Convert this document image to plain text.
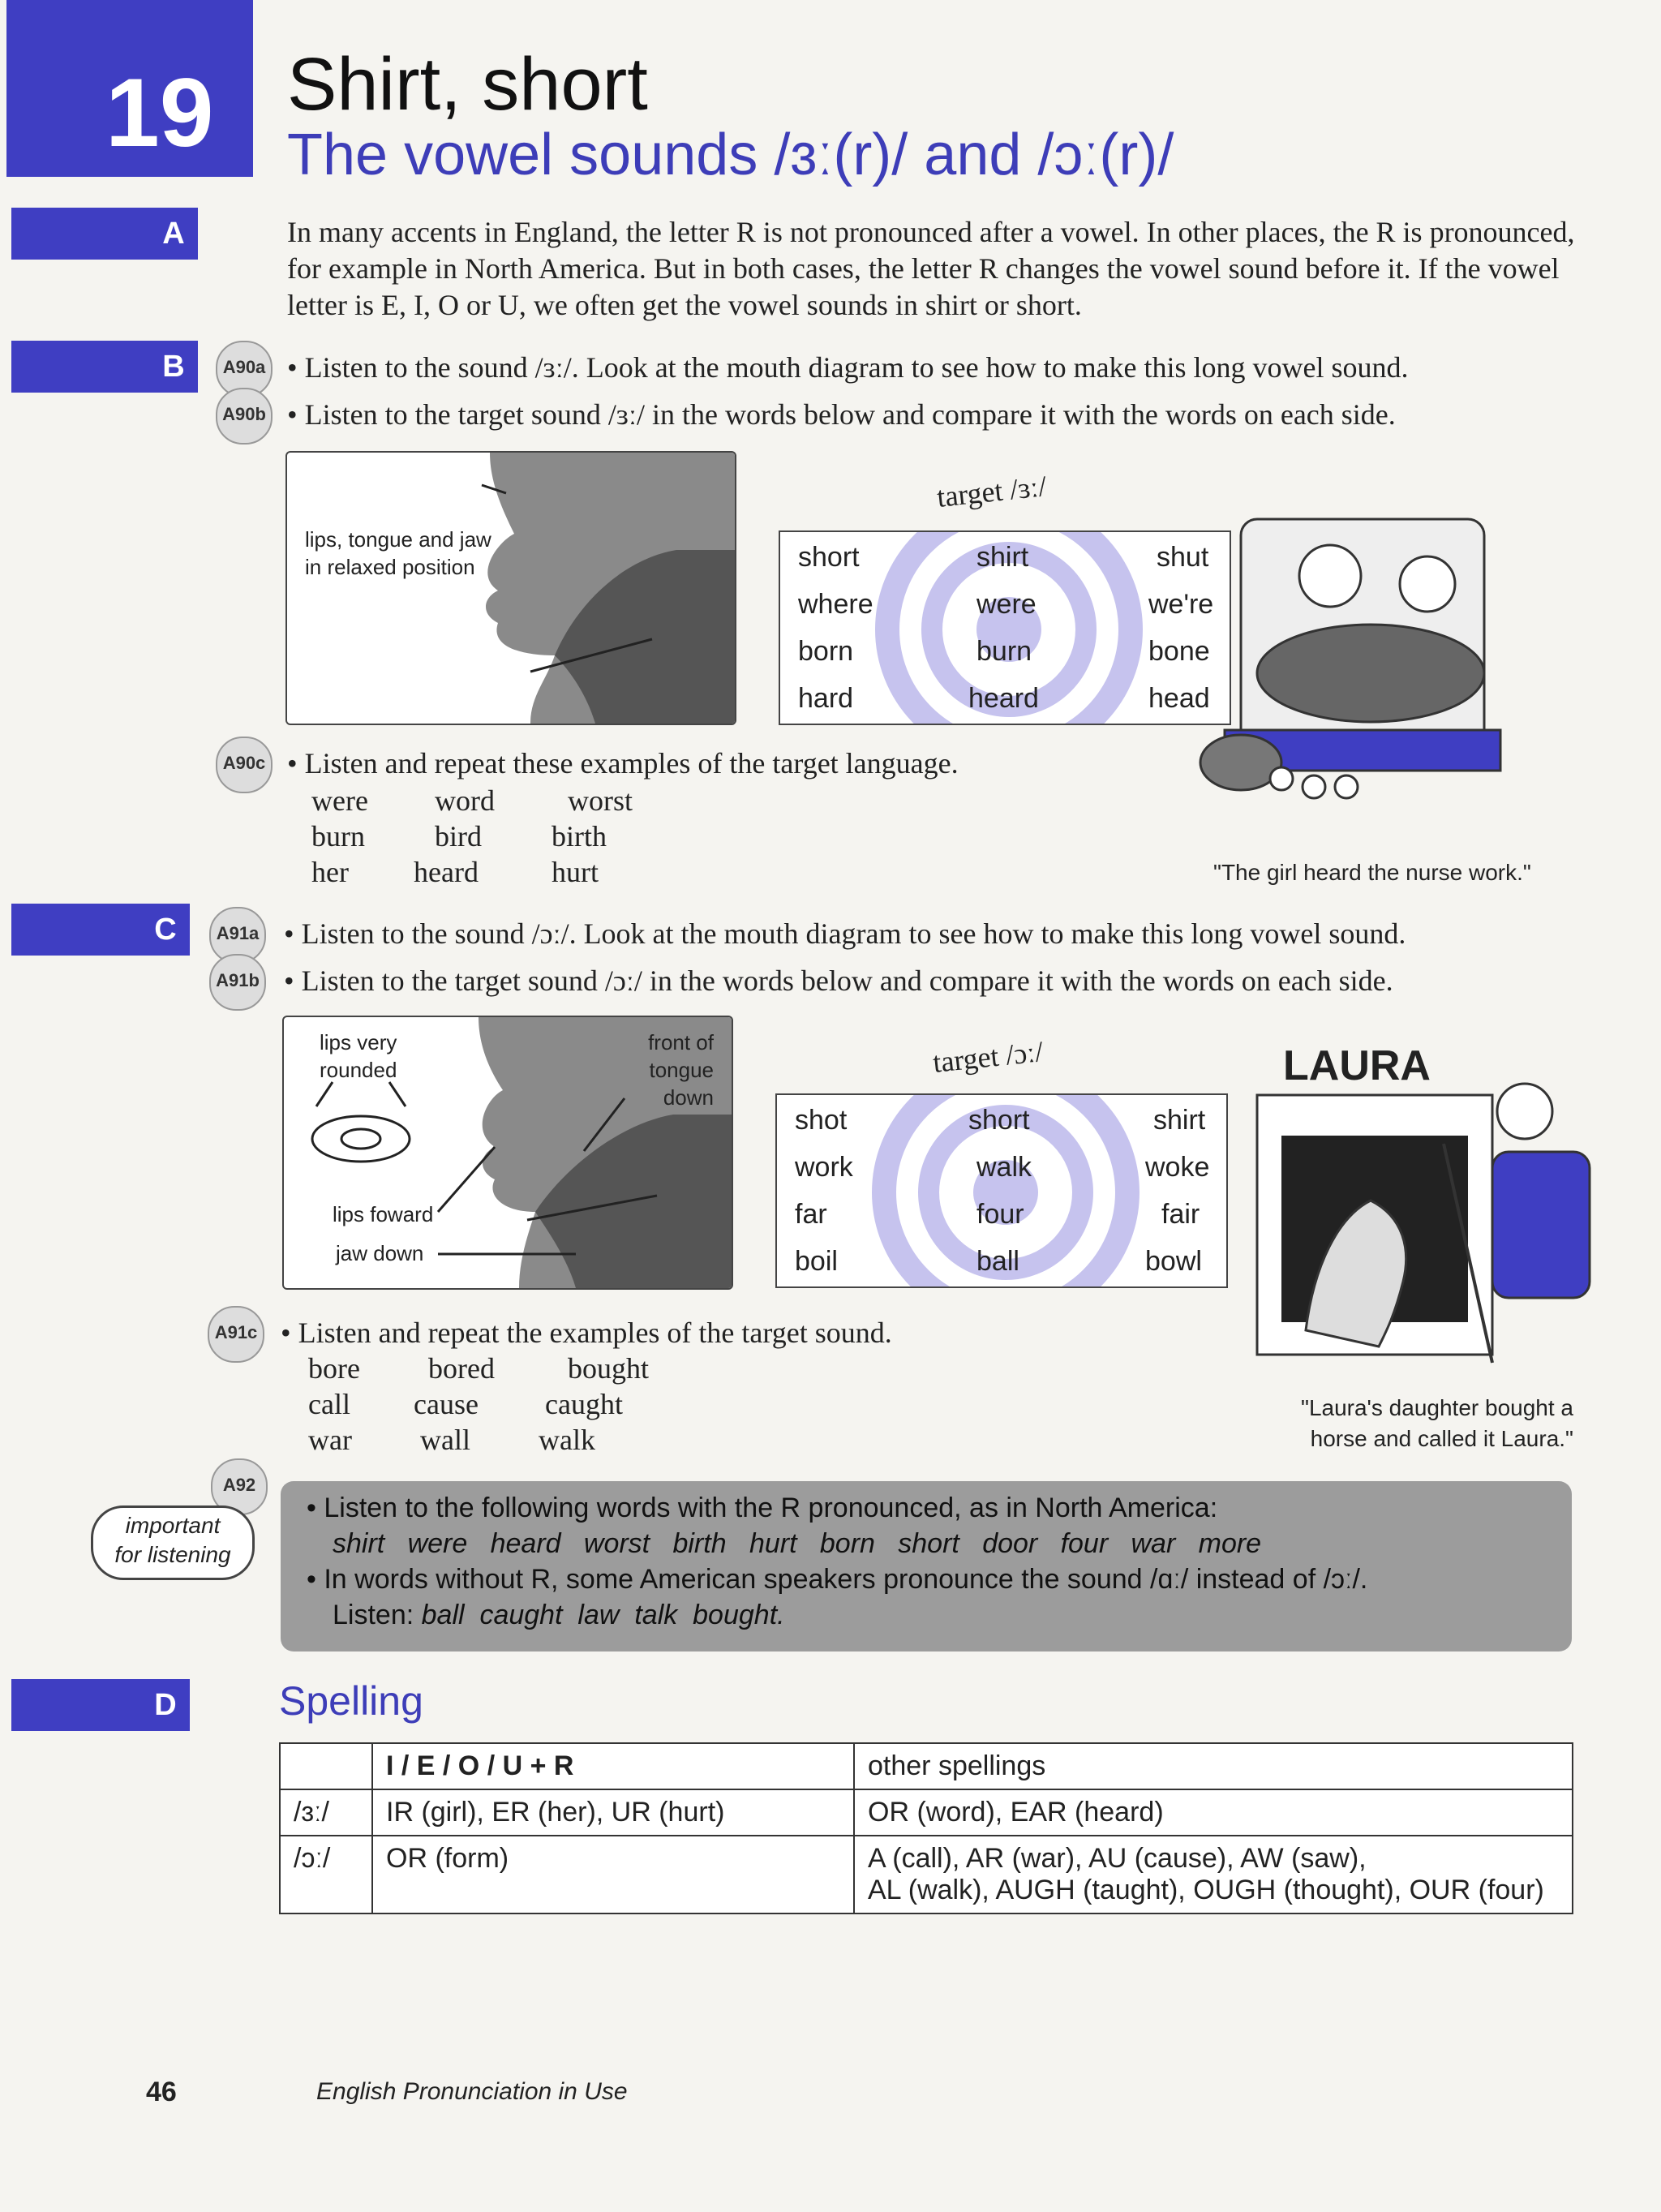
19 Shirt, short
The vowel sounds /ɜː(r)/ and /ɔː(r)/
A	In many accents in England, the letter R is not pronounced after a vowel. In other places, the R is pronounced, for example in North America. But in both cases, the letter R changes the vowel sound before it. If the vowel letter is E, I, O or U, we often get the vowel sounds in shirt or short.
B	A90a • Listen to the sound /ɜː/. Look at the mouth diagram to see how to make this long vowel sound.
A90b • Listen to the target sound /ɜː/ in the words below and compare it with the words on each side.
lips, tongue and jaw in relaxed position
target /ɜː/
short	shirt	shut
where	were	we're
born	burn	bone
hard	heard	head
A90c • Listen and repeat these examples of the target language.
were word	worst
burn bird birth
her heard	hurt	"The girl heard the nurse work."
C	A91a • Listen to the sound /ɔː/. Look at the mouth diagram to see how to make this long vowel sound.
A91b • Listen to the target sound /ɔː/ in the words below and compare it with the words on each side.
lips very rounded
front of tongue down
lips foward
jaw down
target /ɔː/
shot	short	shirt
work	walk	woke
far	four	fair
boil	ball	bowl
LAURA
A91c • Listen and repeat the examples of the target sound.
bore bored	bought
call cause caught
war wall walk
"Laura's daughter bought a
horse and called it Laura."
A92
important
for listening
• Listen to the following words with the R pronounced, as in North America:
shirt   were   heard   worst   birth   hurt   born   short   door   four   war   more
• In words without R, some American speakers pronounce the sound /ɑː/ instead of /ɔː/.
Listen: ball  caught  law  talk  bought.
D	Spelling
	I / E / O / U + R	other spellings
/ɜː/	IR (girl), ER (her), UR (hurt)	OR (word), EAR (heard)
/ɔː/	OR (form)	A (call), AR (war), AU (cause), AW (saw),
AL (walk), AUGH (taught), OUGH (thought), OUR (four)
46	English Pronunciation in Use
